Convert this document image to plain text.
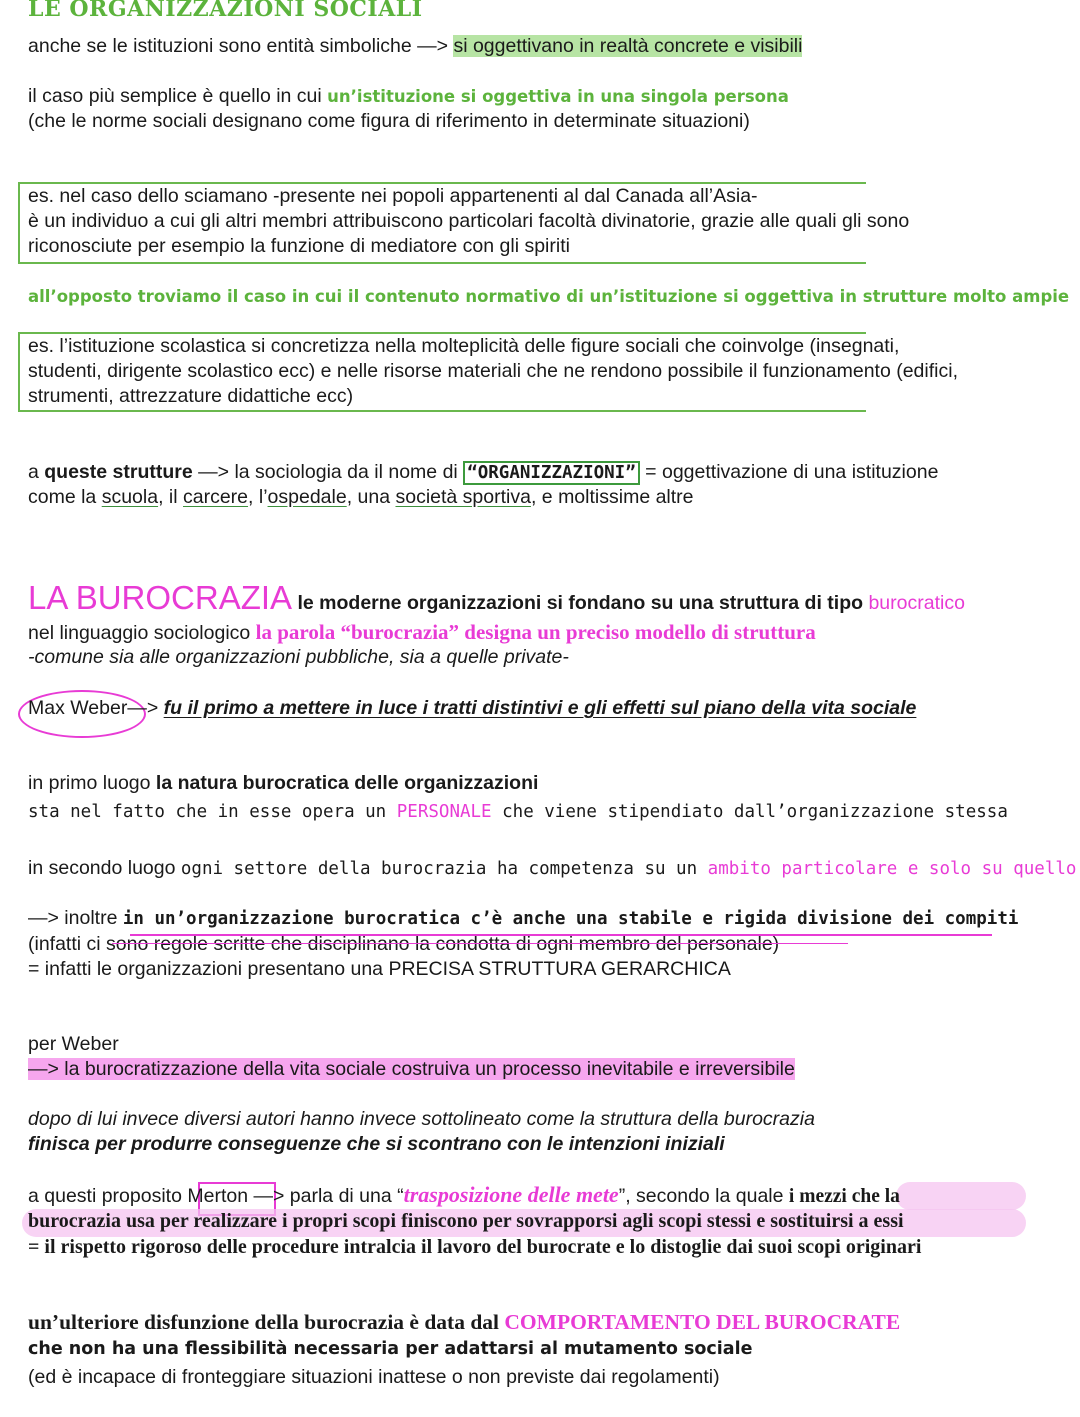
LE ORGANIZZAZIONI SOCIALI
anche se le istituzioni sono entità simboliche —> si oggettivano in realtà concrete e visibili
il caso più semplice è quello in cui un’istituzione si oggettiva in una singola persona
(che le norme sociali designano come figura di riferimento in determinate situazioni)
es. nel caso dello sciamano -presente nei popoli appartenenti al dal Canada all’Asia-
è un individuo a cui gli altri membri attribuiscono particolari facoltà divinatorie, grazie alle quali gli sono
riconosciute per esempio la funzione di mediatore con gli spiriti
all’opposto troviamo il caso in cui il contenuto normativo di un’istituzione si oggettiva in strutture molto ampie
es. l’istituzione scolastica si concretizza nella molteplicità delle figure sociali che coinvolge (insegnati,
studenti, dirigente scolastico ecc) e nelle risorse materiali che ne rendono possibile il funzionamento (edifici,
strumenti, attrezzature didattiche ecc)
a queste strutture —> la sociologia da il nome di “ORGANIZZAZIONI” = oggettivazione di una istituzione
come la scuola, il carcere, l’ospedale, una società sportiva, e moltissime altre
LA BUROCRAZIA le moderne organizzazioni si fondano su una struttura di tipo burocratico
nel linguaggio sociologico la parola “burocrazia” designa un preciso modello di struttura
-comune sia alle organizzazioni pubbliche, sia a quelle private-
Max Weber—> fu il primo a mettere in luce i tratti distintivi e gli effetti sul piano della vita sociale
in primo luogo la natura burocratica delle organizzazioni
sta nel fatto che in esse opera un PERSONALE che viene stipendiato dall’organizzazione stessa
in secondo luogo ogni settore della burocrazia ha competenza su un ambito particolare e solo su quello
—> inoltre in un’organizzazione burocratica c’è anche una stabile e rigida divisione dei compiti
(infatti ci sono regole scritte che disciplinano la condotta di ogni membro del personale)
= infatti le organizzazioni presentano una PRECISA STRUTTURA GERARCHICA
per Weber
—> la burocratizzazione della vita sociale costruiva un processo inevitabile e irreversibile
dopo di lui invece diversi autori hanno invece sottolineato come la struttura della burocrazia
finisca per produrre conseguenze che si scontrano con le intenzioni iniziali
a questi proposito Merton —> parla di una “trasposizione delle mete”, secondo la quale i mezzi che la
burocrazia usa per realizzare i propri scopi finiscono per sovrapporsi agli scopi stessi e sostituirsi a essi
= il rispetto rigoroso delle procedure intralcia il lavoro del burocrate e lo distoglie dai suoi scopi originari
un’ulteriore disfunzione della burocrazia è data dal COMPORTAMENTO DEL BUROCRATE
che non ha una flessibilità necessaria per adattarsi al mutamento sociale
(ed è incapace di fronteggiare situazioni inattese o non previste dai regolamenti)
